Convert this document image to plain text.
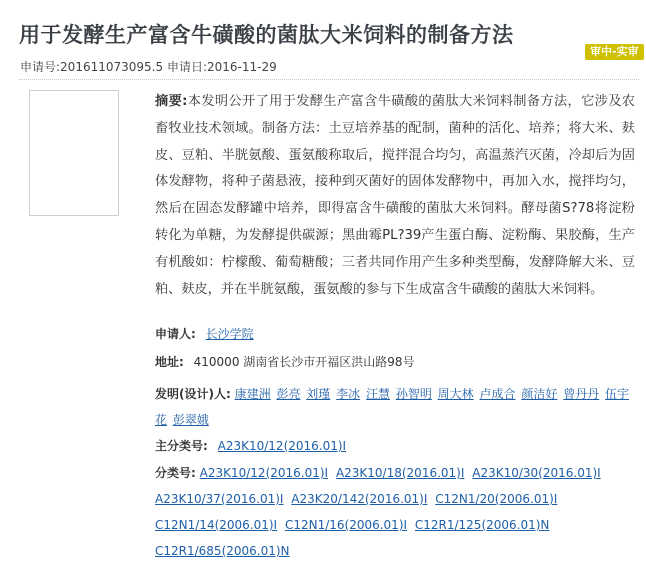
用于发酵生产富含牛磺酸的菌肽大米饲料的制备方法
审中-实审
申请号:201611073095.5 申请日:2016-11-29
摘要:本发明公开了用于发酵生产富含牛磺酸的菌肽大米饲料制备方法，它涉及农畜牧业技术领域。制备方法：土豆培养基的配制，菌种的活化、培养；将大米、麸皮、豆粕、半胱氨酸、蛋氨酸称取后，搅拌混合均匀，高温蒸汽灭菌，冷却后为固体发酵物，将种子菌悬液，接种到灭菌好的固体发酵物中，再加入水，搅拌均匀，然后在固态发酵罐中培养，即得富含牛磺酸的菌肽大米饲料。酵母菌S?78将淀粉转化为单糖，为发酵提供碳源；黑曲霉PL?39产生蛋白酶、淀粉酶、果胶酶，生产有机酸如：柠檬酸、葡萄糖酸；三者共同作用产生多种类型酶，发酵降解大米、豆粕、麸皮，并在半胱氨酸，蛋氨酸的参与下生成富含牛磺酸的菌肽大米饲料。
申请人: 长沙学院
地址: 410000 湖南省长沙市开福区洪山路98号
发明(设计)人: 康建洲 彭亮 刘瑾 李冰 汪慧 孙智明 周大林 卢成合 颜洁好 曾丹丹 伍宇花 彭翠娥
主分类号: A23K10/12(2016.01)I
分类号: A23K10/12(2016.01)I A23K10/18(2016.01)I A23K10/30(2016.01)I A23K10/37(2016.01)I A23K20/142(2016.01)I C12N1/20(2006.01)I C12N1/14(2006.01)I C12N1/16(2006.01)I C12R1/125(2006.01)N C12R1/685(2006.01)N
